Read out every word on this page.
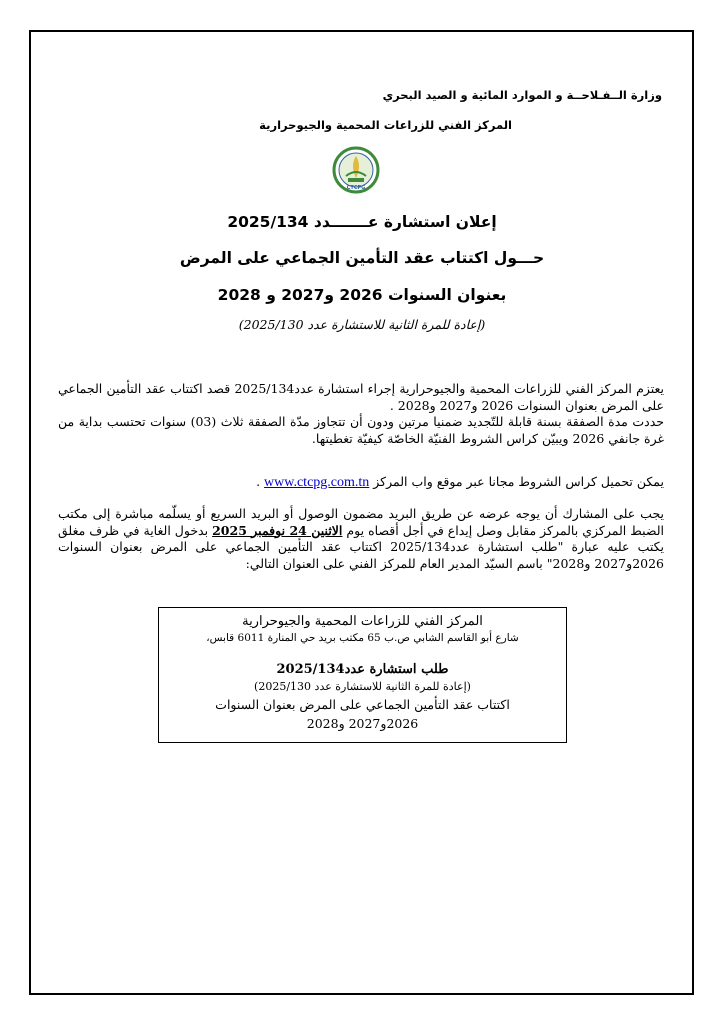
وزارة الــفـلاحــة و الموارد المائية و الصيد البحري
المركز الفني للزراعات المحمية والجيوحرارية
CTCPG
إعلان استشارة عـــــــدد 2025/134
حـــول اكتتاب عقد التأمين الجماعي على المرض
بعنوان السنوات 2026 و2027 و 2028
(إعادة للمرة الثانية للاستشارة عدد 2025/130)
يعتزم المركز الفني للزراعات المحمية والجيوحرارية إجراء استشارة عدد2025/134 قصد اكتتاب عقد التأمين الجماعي على المرض بعنوان السنوات 2026 و2027 و2028 .
حددت مدة الصفقة بسنة قابلة للتّجديد ضمنيا مرتين ودون أن تتجاوز مدّة الصفقة ثلاث (03) سنوات تحتسب بداية من غرة جانفي 2026 ويبيّن كراس الشروط الفنيّة الخاصّة كيفيّة تغطيتها.
يمكن تحميل كراس الشروط مجانا عبر موقع واب المركز www.ctcpg.com.tn .
يجب على المشارك أن يوجه عرضه عن طريق البريد مضمون الوصول أو البريد السريع أو يسلّمه مباشرة إلى مكتب الضبط المركزي بالمركز مقابل وصل إيداع في أجل أقصاه يوم الاثنين 24 نوفمبر 2025 بدخول الغاية في ظرف مغلق يكتب عليه عبارة "طلب استشارة عدد2025/134 اكتتاب عقد التأمين الجماعي على المرض بعنوان السنوات 2026و2027 و2028" باسم السيّد المدير العام للمركز الفني على العنوان التالي:
المركز الفني للزراعات المحمية والجيوحرارية
شارع أبو القاسم الشابي ص.ب 65 مكتب بريد حي المنارة 6011 قابس،
طلب استشارة عدد2025/134
(إعادة للمرة الثانية للاستشارة عدد 2025/130)
اكتتاب عقد التأمين الجماعي على المرض بعنوان السنوات
2026و2027 و2028
